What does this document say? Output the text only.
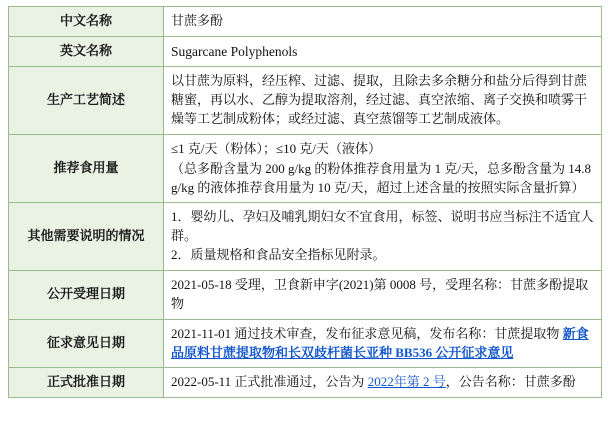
中文名称	甘蔗多酚
英文名称	Sugarcane Polyphenols
生产工艺简述	以甘蔗为原料，经压榨、过滤、提取，且除去多余糖分和盐分后得到甘蔗糖蜜，再以水、乙醇为提取溶剂，经过滤、真空浓缩、离子交换和喷雾干燥等工艺制成粉体；或经过滤、真空蒸馏等工艺制成液体。
推荐食用量	≤1 克/天（粉体）；≤10 克/天（液体）

（总多酚含量为 200 g/kg 的粉体推荐食用量为 1 克/天，总多酚含量为 14.8 g/kg 的液体推荐食用量为 10 克/天，超过上述含量的按照实际含量折算）

其他需要说明的情况	1．婴幼儿、孕妇及哺乳期妇女不宜食用，标签、说明书应当标注不适宜人群。

2．质量规格和食品安全指标见附录。

公开受理日期	2021-05-18 受理，卫食新申字(2021)第 0008 号，受理名称：甘蔗多酚提取物
征求意见日期	2021-11-01 通过技术审查，发布征求意见稿，发布名称：甘蔗提取物 新食品原料甘蔗提取物和长双歧杆菌长亚种 BB536 公开征求意见
正式批准日期	2022-05-11 正式批准通过，公告为 2022年第 2 号，公告名称：甘蔗多酚
